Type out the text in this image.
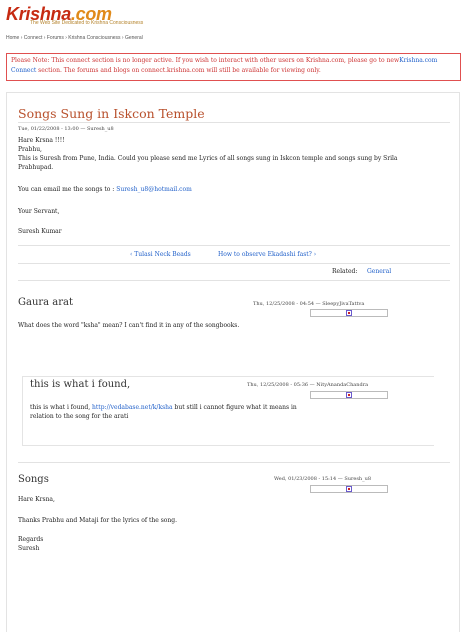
Krishna.com
The Web Site Dedicated to Krishna Consciousness
Home › Connect › Forums › Krishna Consciousness › General
Please Note: This connect section is no longer active. If you wish to interact with other users on Krishna.com, please go to newKrishna.com Connect section. The forums and blogs on connect.krishna.com will still be available for viewing only.
Songs Sung in Iskcon Temple
Tue, 01/22/2008 - 13:00 — Suresh_u8
Hare Krsna !!!!
Prabhu,
This is Suresh from Pune, India. Could you please send me Lyrics of all songs sung in Iskcon temple and songs sung by Srila
Prabhupad.
You can email me the songs to : Suresh_u8@hotmail.com
Your Servant,
Suresh Kumar
‹ Tulasi Neck Beads	How to observe Ekadashi fast? ›
Related: General
Gaura arat	Thu, 12/25/2008 - 04:54 — SleepyJivaTattva
What does the word "ksha" mean? I can't find it in any of the songbooks.
this is what i found,	Thu, 12/25/2008 - 05:36 — NityAnandaChandra
this is what i found, http://vedabase.net/k/ksha but still i cannot figure what it means in
relation to the song for the arati
Songs	Wed, 01/23/2008 - 15:14 — Suresh_u8
Hare Krsna,
Thanks Prabhu and Mataji for the lyrics of the song.
Regards
Suresh
